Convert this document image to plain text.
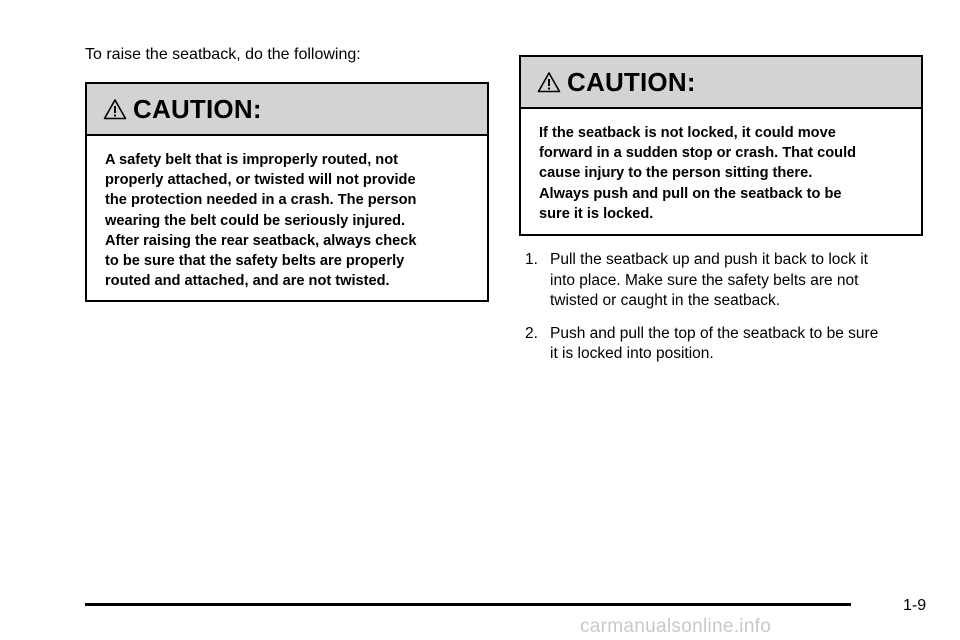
To raise the seatback, do the following:
CAUTION:
A safety belt that is improperly routed, not
properly attached, or twisted will not provide
the protection needed in a crash. The person
wearing the belt could be seriously injured.
After raising the rear seatback, always check
to be sure that the safety belts are properly
routed and attached, and are not twisted.
CAUTION:
If the seatback is not locked, it could move
forward in a sudden stop or crash. That could
cause injury to the person sitting there.
Always push and pull on the seatback to be
sure it is locked.
1. Pull the seatback up and push it back to lock it
into place. Make sure the safety belts are not
twisted or caught in the seatback.
2. Push and pull the top of the seatback to be sure
it is locked into position.
1-9
carmanualsonline.info
